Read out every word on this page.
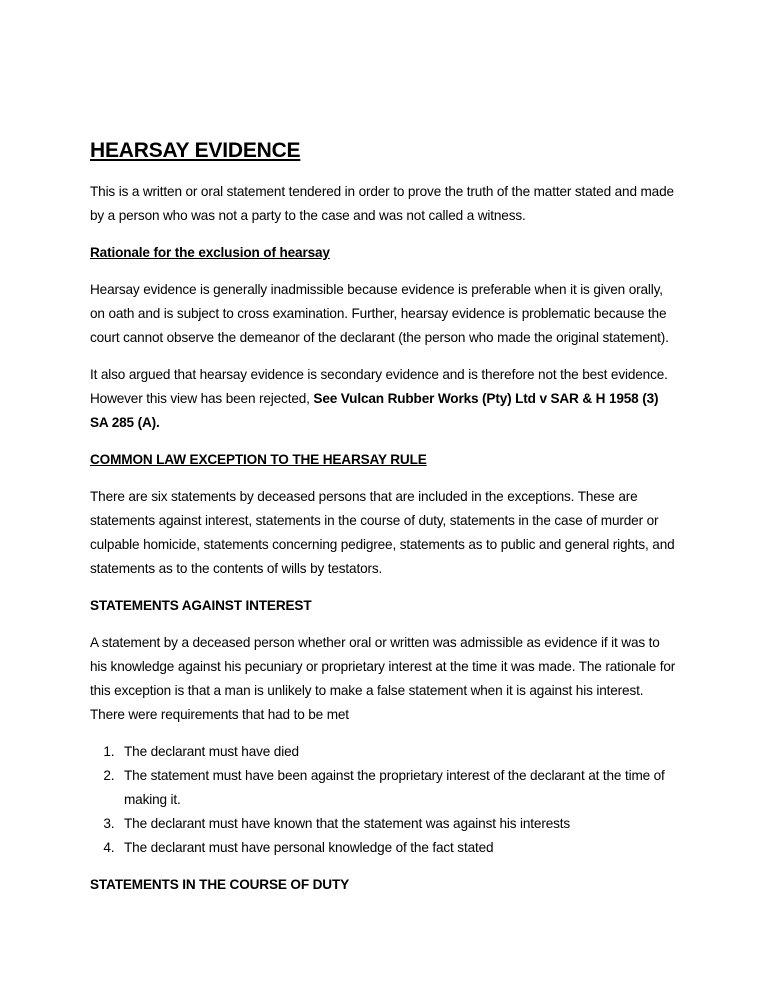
HEARSAY EVIDENCE

This is a written or oral statement tendered in order to prove the truth of the matter stated and made by a person who was not a party to the case and was not called a witness.

Rationale for the exclusion of hearsay

Hearsay evidence is generally inadmissible because evidence is preferable when it is given orally, on oath and is subject to cross examination. Further, hearsay evidence is problematic because the court cannot observe the demeanor of the declarant (the person who made the original statement).

It also argued that hearsay evidence is secondary evidence and is therefore not the best evidence. However this view has been rejected, See Vulcan Rubber Works (Pty) Ltd v SAR & H 1958 (3) SA 285 (A).

COMMON LAW EXCEPTION TO THE HEARSAY RULE

There are six statements by deceased persons that are included in the exceptions. These are statements against interest, statements in the course of duty, statements in the case of murder or culpable homicide, statements concerning pedigree, statements as to public and general rights, and statements as to the contents of wills by testators.

STATEMENTS AGAINST INTEREST

A statement by a deceased person whether oral or written was admissible as evidence if it was to his knowledge against his pecuniary or proprietary interest at the time it was made. The rationale for this exception is that a man is unlikely to make a false statement when it is against his interest. There were requirements that had to be met

1. The declarant must have died
2. The statement must have been against the proprietary interest of the declarant at the time of making it.
3. The declarant must have known that the statement was against his interests
4. The declarant must have personal knowledge of the fact stated

STATEMENTS IN THE COURSE OF DUTY
